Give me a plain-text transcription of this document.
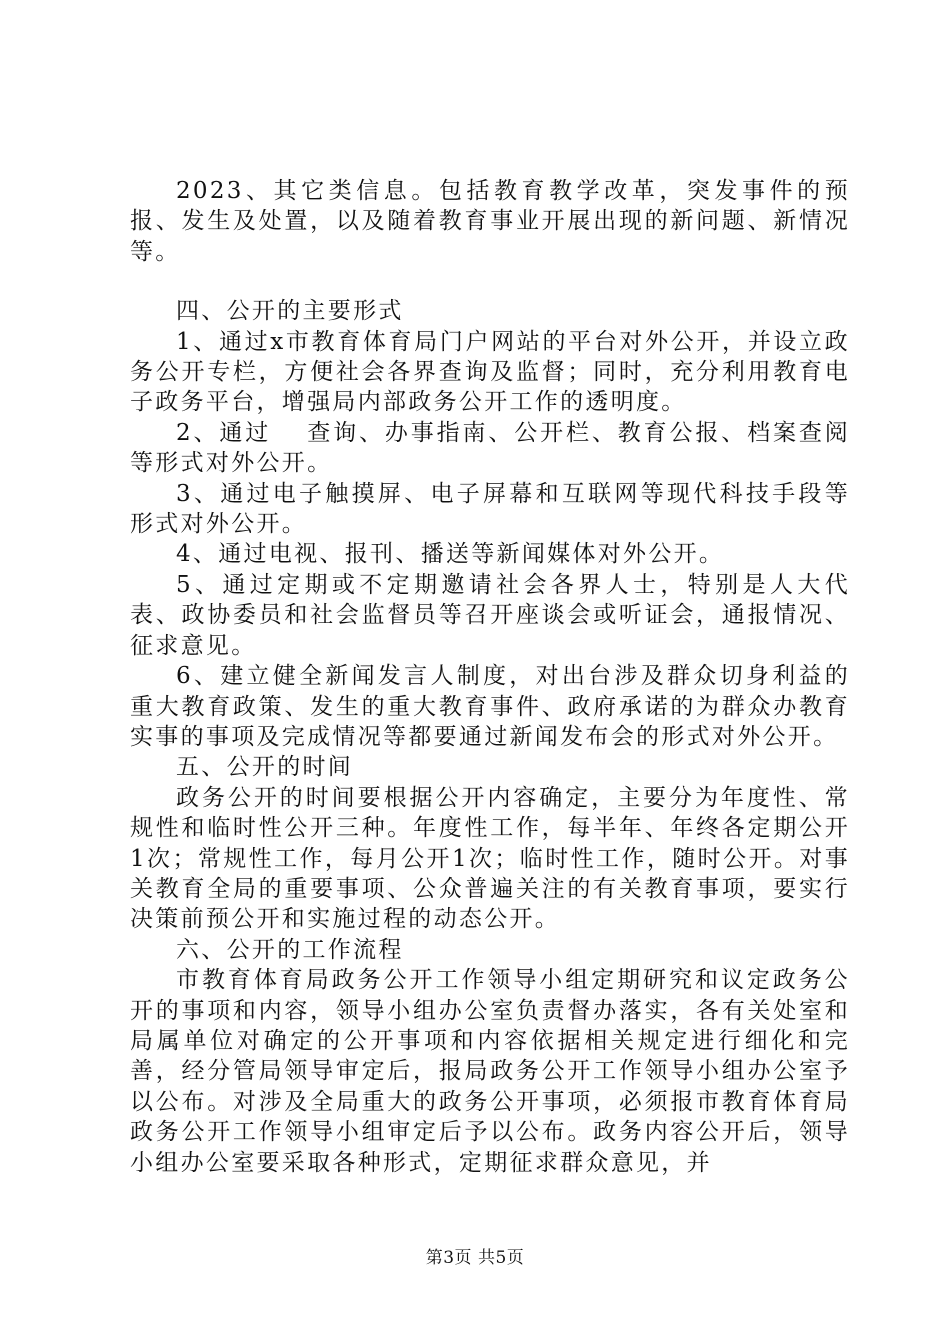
2023、其它类信息。包括教育教学改革，突发事件的预报、发生及处置，以及随着教育事业开展出现的新问题、新情况等。

四、公开的主要形式

1、通过x市教育体育局门户网站的平台对外公开，并设立政务公开专栏，方便社会各界查询及监督；同时，充分利用教育电子政务平台，增强局内部政务公开工作的透明度。

2、通过　 查询、办事指南、公开栏、教育公报、档案查阅等形式对外公开。

3、通过电子触摸屏、电子屏幕和互联网等现代科技手段等形式对外公开。

4、通过电视、报刊、播送等新闻媒体对外公开。

5、通过定期或不定期邀请社会各界人士，特别是人大代表、政协委员和社会监督员等召开座谈会或听证会，通报情况、征求意见。

6、建立健全新闻发言人制度，对出台涉及群众切身利益的重大教育政策、发生的重大教育事件、政府承诺的为群众办教育实事的事项及完成情况等都要通过新闻发布会的形式对外公开。

五、公开的时间

政务公开的时间要根据公开内容确定，主要分为年度性、常规性和临时性公开三种。年度性工作，每半年、年终各定期公开1次；常规性工作，每月公开1次；临时性工作，随时公开。对事关教育全局的重要事项、公众普遍关注的有关教育事项，要实行决策前预公开和实施过程的动态公开。

六、公开的工作流程

市教育体育局政务公开工作领导小组定期研究和议定政务公开的事项和内容，领导小组办公室负责督办落实，各有关处室和局属单位对确定的公开事项和内容依据相关规定进行细化和完善，经分管局领导审定后，报局政务公开工作领导小组办公室予以公布。对涉及全局重大的政务公开事项，必须报市教育体育局政务公开工作领导小组审定后予以公布。政务内容公开后，领导小组办公室要采取各种形式，定期征求群众意见，并

第3页 共5页
